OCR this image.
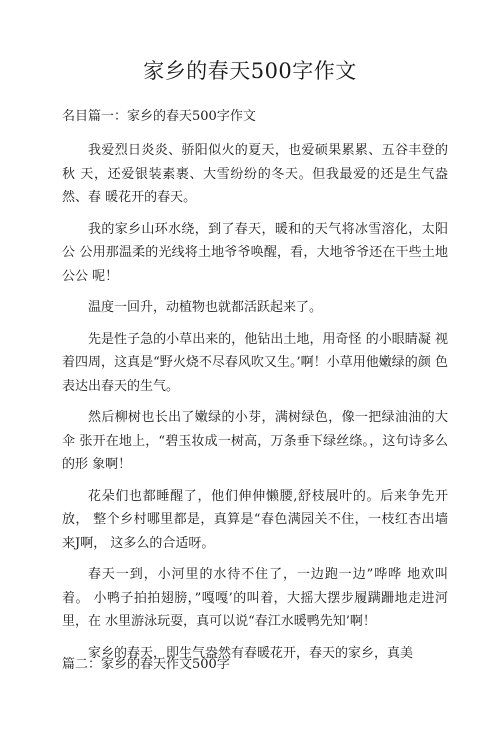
家乡的春天500字作文
名目篇一：家乡的春天500字作文

我爱烈日炎炎、骄阳似火的夏天，也爱硕果累累、五谷丰登的秋 天，还爱银装素裹、大雪纷纷的冬天。但我最爱的还是生气盎然、春 暖花开的春天。

我的家乡山环水绕，到了春天，暖和的天气将冰雪溶化，太阳公 公用那温柔的光线将土地爷爷唤醒，看，大地爷爷还在干些土地公公 呢！

温度一回升，动植物也就都活跃起来了。

先是性子急的小草出来的，他钻出土地，用奇怪 的小眼睛凝 视着四周，这真是“野火烧不尽春风吹又生。’啊！小草用他嫩绿的颜 色表达出春天的生气。

然后柳树也长出了嫩绿的小芽，满树绿色，像一把绿油油的大伞 张开在地上，“碧玉妆成一树高，万条垂下绿丝绦。，这句诗多么的形 象啊！

花朵们也都睡醒了，他们伸伸懒腰,舒枝展叶的。后来争先开放， 整个乡村哪里都是，真算是“春色满园关不住，一枝红杏出墙来J啊， 这多么的合适呀。

春天一到，小河里的水待不住了，一边跑一边”哗哗 地欢叫着。 小鸭子拍拍翅膀，”嘎嘎’的叫着，大摇大摆步履蹒跚地走进河里，在 水里游泳玩耍，真可以说“春江水暖鸭先知’啊！

家乡的春天，即生气盎然有春暖花开，春天的家乡，真美

篇二：家乡的春天作文500字
